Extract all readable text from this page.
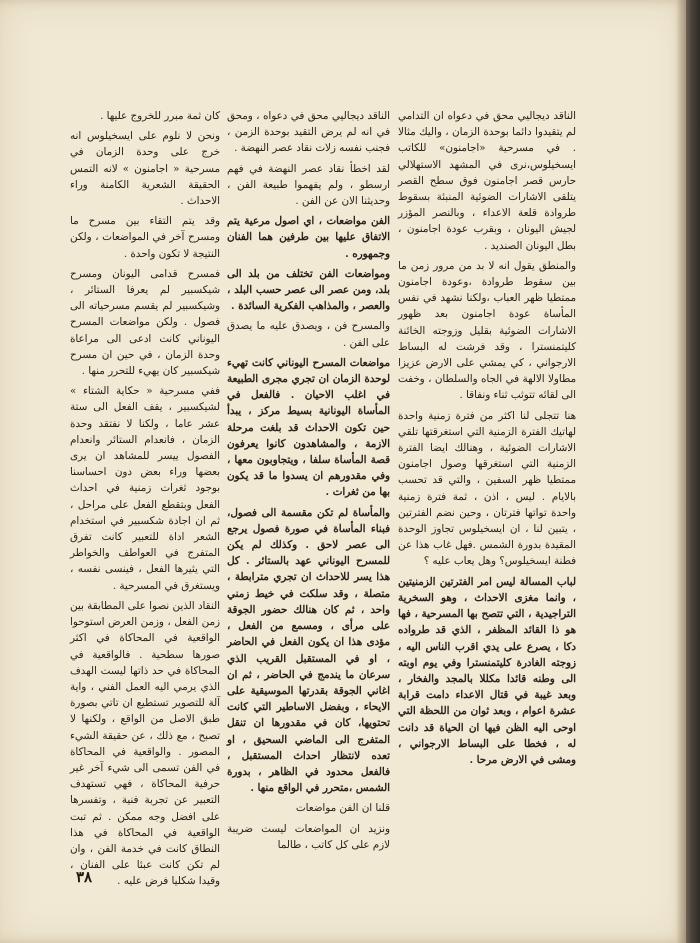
الناقد ديجاليي محق في دعواه ان التدامي لم يتقيدوا دائما بوحدة الزمان ، واليك مثالا . في مسرحية «اجامنون» للكاتب ايسخيلوس،نرى في المشهد الاستهلالي حارس قصر اجامنون فوق سطح القصر يتلقى الاشارات الضوئية المنبئة بسقوط طروادة قلعة الاعداء ، وبالنصر المؤزر لجيش اليونان ، وبقرب عودة اجامنون ، بطل اليونان الصنديد .

والمنطق يقول انه لا بد من مرور زمن ما بين سقوط طروادة ،وعودة اجامنون ممتطيا ظهر العباب ،ولكنا نشهد في نفس المأساة عودة اجامنون بعد ظهور الاشارات الضوئية بقليل وزوجته الخائنة كليتمنسترا ، وقد فرشت له البساط الارجواني ، كي يمشي على الارض عزيزا مطاولا الالهة في الجاه والسلطان ، وخفت الى لقائه تتوثب ثناء ونفاقا .

هنا تتجلى لنا اكثر من فترة زمنية واحدة لهاتيك الفترة الزمنية التي استغرقتها تلقي الاشارات الضوئية ، وهنالك ايضا الفترة الزمنية التي استغرقها وصول اجامنون ممتطيا ظهر السفين ، والتي قد تحسب بالايام . ليس ، اذن ، ثمة فترة زمنية واحدة تواتها فترتان ، وحين نضم الفترتين ، يتبين لنا ، ان ايسخيلوس تجاوز الوحدة المقيدة بدورة الشمس .فهل غاب هذا عن فطنة ايسخيلوس؟ وهل يعاب عليه ؟

لباب المسالة ليس امر الفترتين الزمنيتين ، وانما مغزى الاحداث ، وهو السخرية التراجيدية ، التي تتصح بها المسرحية ، فها هو ذا القائد المظفر ، الذي قد طرواده دكا ، يصرع على يدي اقرب الناس اليه ، زوجته الغادرة كليتمنسترا وفي يوم اوبته الى وطنه قائدا مكللا بالمجد والفخار ، وبعد غيبة في قتال الاعداء دامت قرابة عشرة اعوام ، وبعد ثوان من اللحظة التي اوحى اليه الظن فيها ان الحياة قد دانت له ، فخطا على البساط الارجواني ، ومشى في الارض مرحا .

الناقد ديجاليي محق في دعواه ، ومحق في انه لم يرض التقيد بوحدة الزمن ، فجنب نفسه زلات نقاد عصر النهضة .

لقد اخطأ نقاد عصر النهضة في فهم ارسطو ، ولم يفهموا طبيعة الفن ، وحديثنا الان عن الفن .

الفن مواضعات ، اي اصول مرعية يتم الاتفاق عليها بين طرفين هما الفنان وجمهوره .

ومواضعات الفن تختلف من بلد الى بلد، ومن عصر الى عصر حسب البلد ، والعصر ، والمذاهب الفكرية السائدة .

والمسرح فن ، ويصدق عليه ما يصدق على الفن .

مواضعات المسرح اليوناني كانت تهيء لوحدة الزمان ان تجري مجرى الطبيعة في اغلب الاحيان . فالفعل في المأساة اليونانية بسيط مركز ، يبدأ حين تكون الاحداث قد بلغت مرحلة الازمة ، والمشاهدون كانوا يعرفون قصة المأساة سلفا ، ويتجاوبون معها ، وفي مقدورهم ان يسدوا ما قد يكون بها من ثغرات .

والمأساة لم تكن مقسمة الى فصول، فبناء المأساة في صورة فصول يرجع الى عصر لاحق . وكذلك لم يكن للمسرح اليوناني عهد بالستائر . كل هذا يسر للاحداث ان تجري مترابطة ، متصلة ، وقد سلكت في خيط زمني واحد ، ثم كان هنالك حضور الجوقة على مرأى ، ومسمع من الفعل ، مؤدى هذا ان يكون الفعل في الحاضر ، او في المستقبل القريب الذي سرعان ما يندمج في الحاضر ، ثم ان اغاني الجوقة بقدرتها الموسيقية على الايحاء ، وبفضل الاساطير التي كانت تحتويها، كان في مقدورها ان تنقل المتفرج الى الماضي السحيق ، او تعده لانتظار احداث المستقبل ، فالفعل محدود في الظاهر ، بدورة الشمس ،متحرر في الواقع منها .

قلنا ان الفن مواضعات

ونزيد ان المواضعات ليست ضريبة لازم على كل كاتب ، طالما

كان ثمة مبرر للخروج عليها .

ونحن لا نلوم على ايسخيلوس انه خرج على وحدة الزمان في مسرحية « اجامنون » لانه التمس الحقيقة الشعرية الكامنة وراء الاحداث .

وقد يتم التقاء بين مسرح ما ومسرح آخر في المواضعات ، ولكن النتيجة لا تكون واحدة .

فمسرح قدامى اليونان ومسرح شيكسبير لم يعرفا الستائر ، وشيكسبير لم يقسم مسرحياته الى فصول . ولكن مواضعات المسرح اليوناني كانت ادعى الى مراعاة وحدة الزمان ، في حين ان مسرح شيكسبير كان يهيء للتحرر منها .

ففي مسرحية « حكاية الشتاء » لشيكسبير ، يقف الفعل الى ستة عشر عاما ، ولكنا لا نفتقد وحدة الزمان ، فانعدام الستائر وانعدام الفصول ييسر للمشاهد ان يرى بعضها وراء بعض دون احساسنا بوجود ثغرات زمنية في احداث الفعل وبتقطع الفعل على مراحل ، ثم ان اجادة شكسبير في استخدام الشعر اداة للتعبير كانت تفرق المتفرج في العواطف والخواطر التي يثيرها الفعل ، فينسى نفسه ، ويستغرق في المسرحية .

النقاد الذين نصوا على المطابقة بين زمن الفعل ، وزمن العرض استوحوا الواقعية في المحاكاة في اكثر صورها سطحية . فالواقعية في المحاكاة في حد ذاتها ليست الهدف الذي يرمي اليه العمل الفني ، واية آلة للتصوير تستطيع ان تاتي بصورة طبق الاصل من الواقع ، ولكنها لا تصبح ، مع ذلك ، عن حقيقة الشيء المصور . والواقعية في المحاكاة في الفن تسمى الى شيء آخر غير حرفية المحاكاة ، فهي تستهدف التعبير عن تجربة فنية ، وتفسرها على افضل وجه ممكن . ثم تبت الواقعية في المحاكاة في هذا النطاق كانت في خدمة الفن ، وان لم تكن كانت عبئا على الفنان ، وقيدا شكليا فرض عليه .

٣٨
